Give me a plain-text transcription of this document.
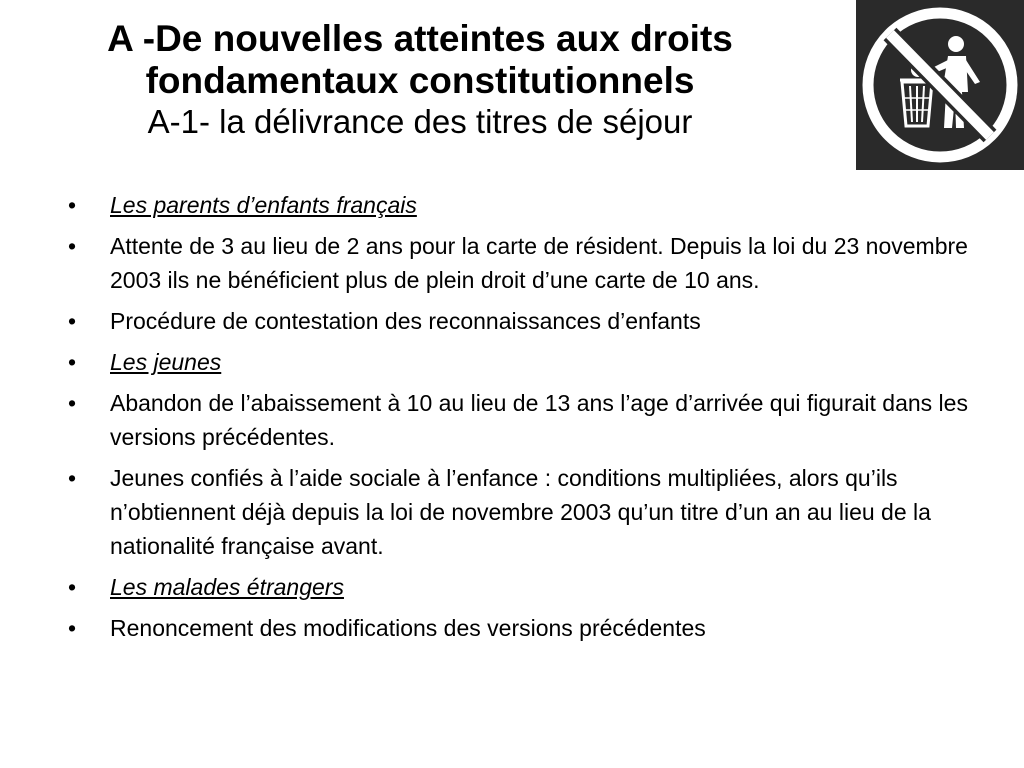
A -De nouvelles atteintes aux droits

fondamentaux constitutionnels

A-1- la délivrance des titres de séjour

• Les parents d’enfants français
• Attente de 3 au lieu de 2 ans pour la carte de résident. Depuis la loi du 23 novembre 2003 ils ne bénéficient plus de plein droit d’une carte de 10 ans.
• Procédure de contestation des reconnaissances d’enfants
• Les jeunes
• Abandon de l’abaissement à 10 au lieu de 13 ans l’age d’arrivée qui figurait dans les versions précédentes.
• Jeunes confiés à l’aide sociale à l’enfance : conditions multipliées, alors qu’ils n’obtiennent déjà depuis la loi de novembre 2003 qu’un titre d’un an au lieu de la nationalité française avant.
• Les malades étrangers
• Renoncement des modifications des versions précédentes
